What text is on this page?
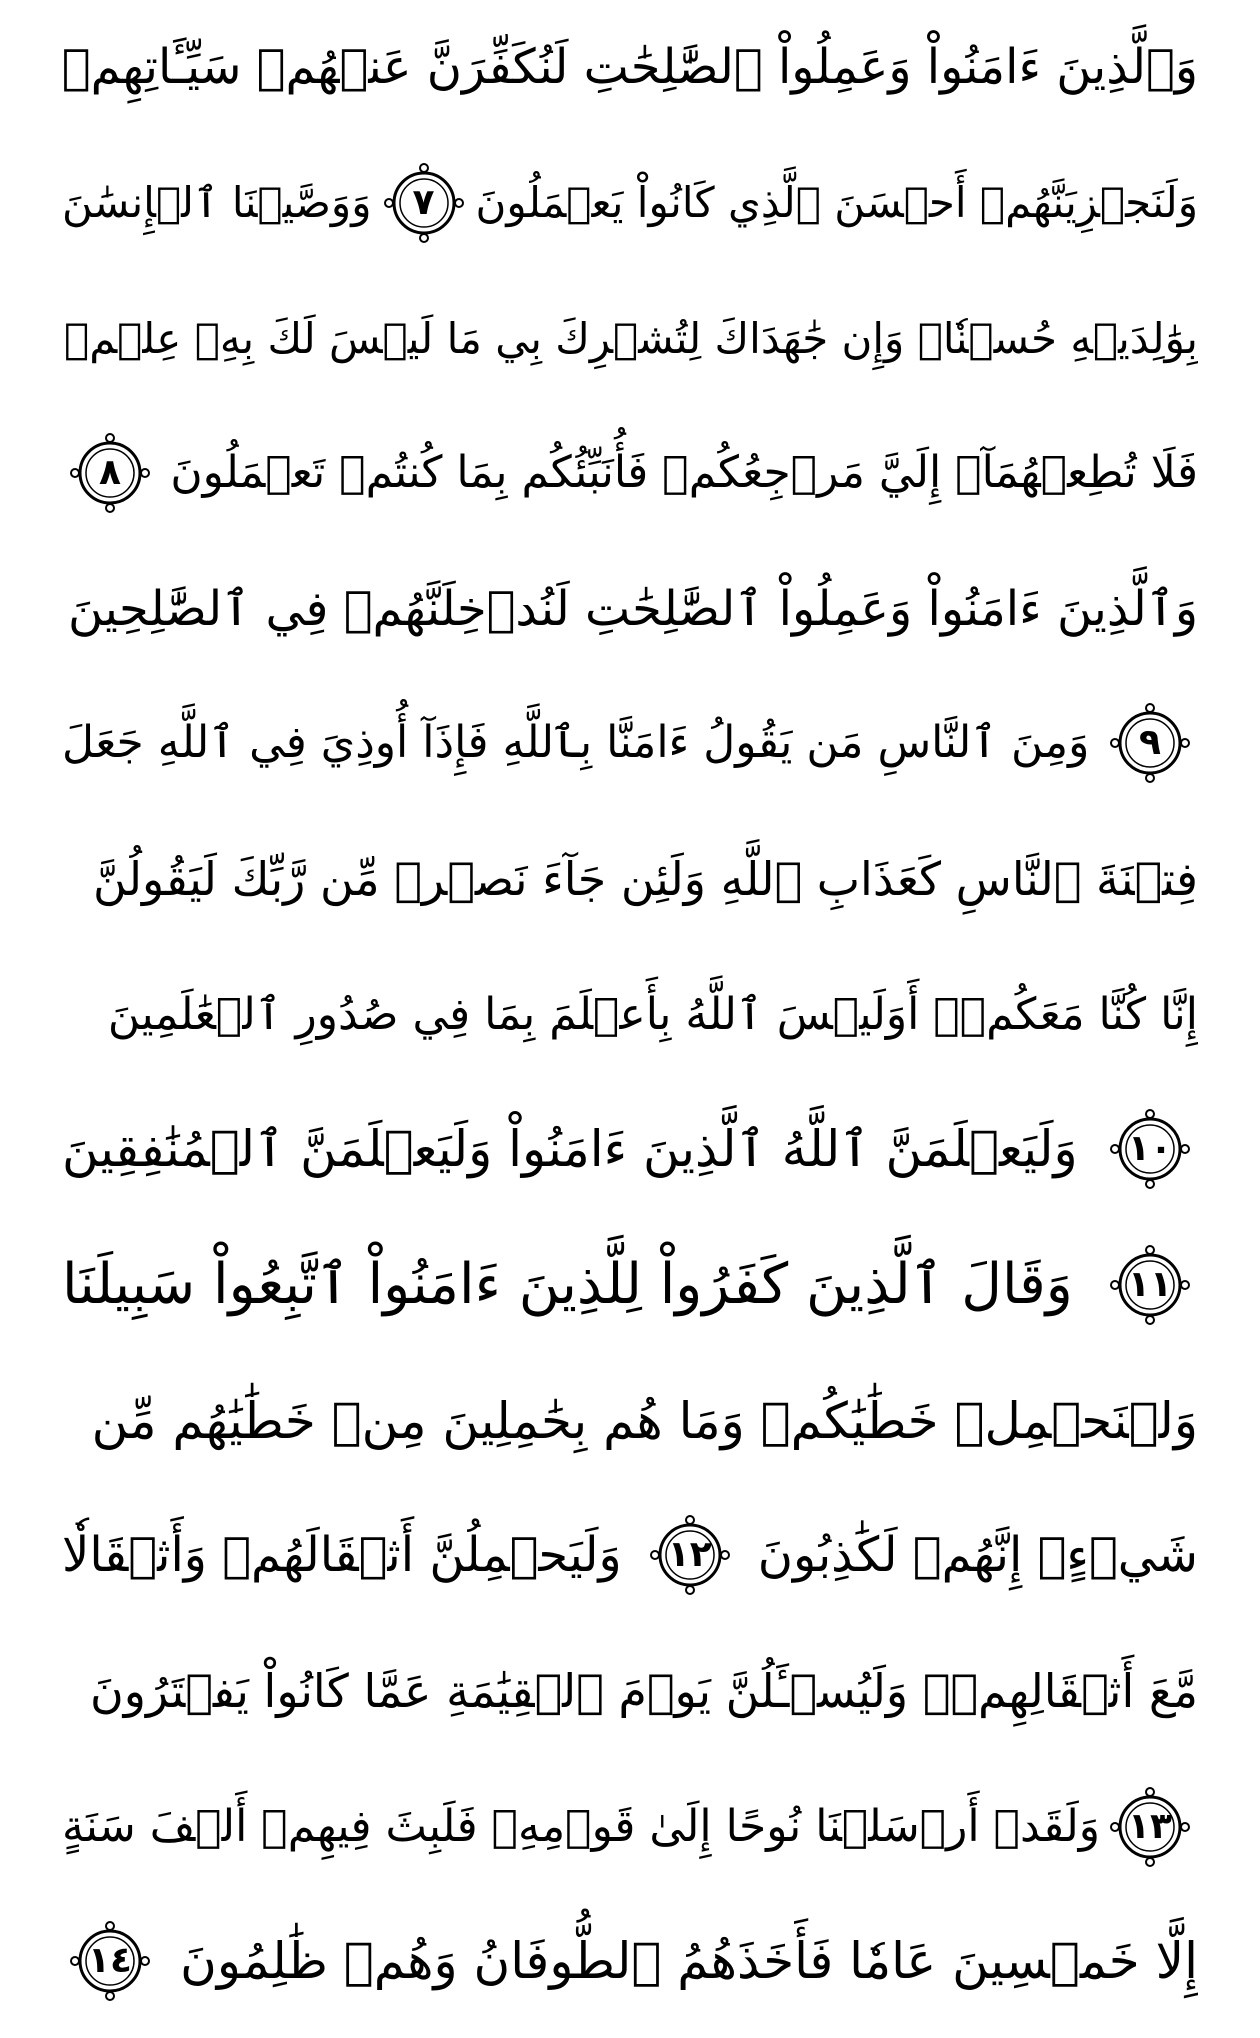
وَٱلَّذِينَ ءَامَنُواْ وَعَمِلُواْ ٱلصَّٰلِحَٰتِ لَنُكَفِّرَنَّ عَنۡهُمۡ سَيِّـَٔاتِهِمۡ
وَلَنَجۡزِيَنَّهُمۡ أَحۡسَنَ ٱلَّذِي كَانُواْ يَعۡمَلُونَ
٧
وَوَصَّيۡنَا ٱلۡإِنسَٰنَ
بِوَٰلِدَيۡهِ حُسۡنٗاۖ وَإِن جَٰهَدَاكَ لِتُشۡرِكَ بِي مَا لَيۡسَ لَكَ بِهِۦ عِلۡمٞ
فَلَا تُطِعۡهُمَآۚ إِلَيَّ مَرۡجِعُكُمۡ فَأُنَبِّئُكُم بِمَا كُنتُمۡ تَعۡمَلُونَ
٨
وَٱلَّذِينَ ءَامَنُواْ وَعَمِلُواْ ٱلصَّٰلِحَٰتِ لَنُدۡخِلَنَّهُمۡ فِي ٱلصَّٰلِحِينَ
٩
وَمِنَ ٱلنَّاسِ مَن يَقُولُ ءَامَنَّا بِٱللَّهِ فَإِذَآ أُوذِيَ فِي ٱللَّهِ جَعَلَ
فِتۡنَةَ ٱلنَّاسِ كَعَذَابِ ٱللَّهِ وَلَئِن جَآءَ نَصۡرٞ مِّن رَّبِّكَ لَيَقُولُنَّ
إِنَّا كُنَّا مَعَكُمۡۚ أَوَلَيۡسَ ٱللَّهُ بِأَعۡلَمَ بِمَا فِي صُدُورِ ٱلۡعَٰلَمِينَ
١٠
وَلَيَعۡلَمَنَّ ٱللَّهُ ٱلَّذِينَ ءَامَنُواْ وَلَيَعۡلَمَنَّ ٱلۡمُنَٰفِقِينَ
١١
وَقَالَ ٱلَّذِينَ كَفَرُواْ لِلَّذِينَ ءَامَنُواْ ٱتَّبِعُواْ سَبِيلَنَا
وَلۡنَحۡمِلۡ خَطَٰيَٰكُمۡ وَمَا هُم بِحَٰمِلِينَ مِنۡ خَطَٰيَٰهُم مِّن
شَيۡءٍۖ إِنَّهُمۡ لَكَٰذِبُونَ
١٢
وَلَيَحۡمِلُنَّ أَثۡقَالَهُمۡ وَأَثۡقَالٗا
مَّعَ أَثۡقَالِهِمۡۖ وَلَيُسۡـَٔلُنَّ يَوۡمَ ٱلۡقِيَٰمَةِ عَمَّا كَانُواْ يَفۡتَرُونَ
١٣
وَلَقَدۡ أَرۡسَلۡنَا نُوحًا إِلَىٰ قَوۡمِهِۦ فَلَبِثَ فِيهِمۡ أَلۡفَ سَنَةٍ
إِلَّا خَمۡسِينَ عَامٗا فَأَخَذَهُمُ ٱلطُّوفَانُ وَهُمۡ ظَٰلِمُونَ
١٤
